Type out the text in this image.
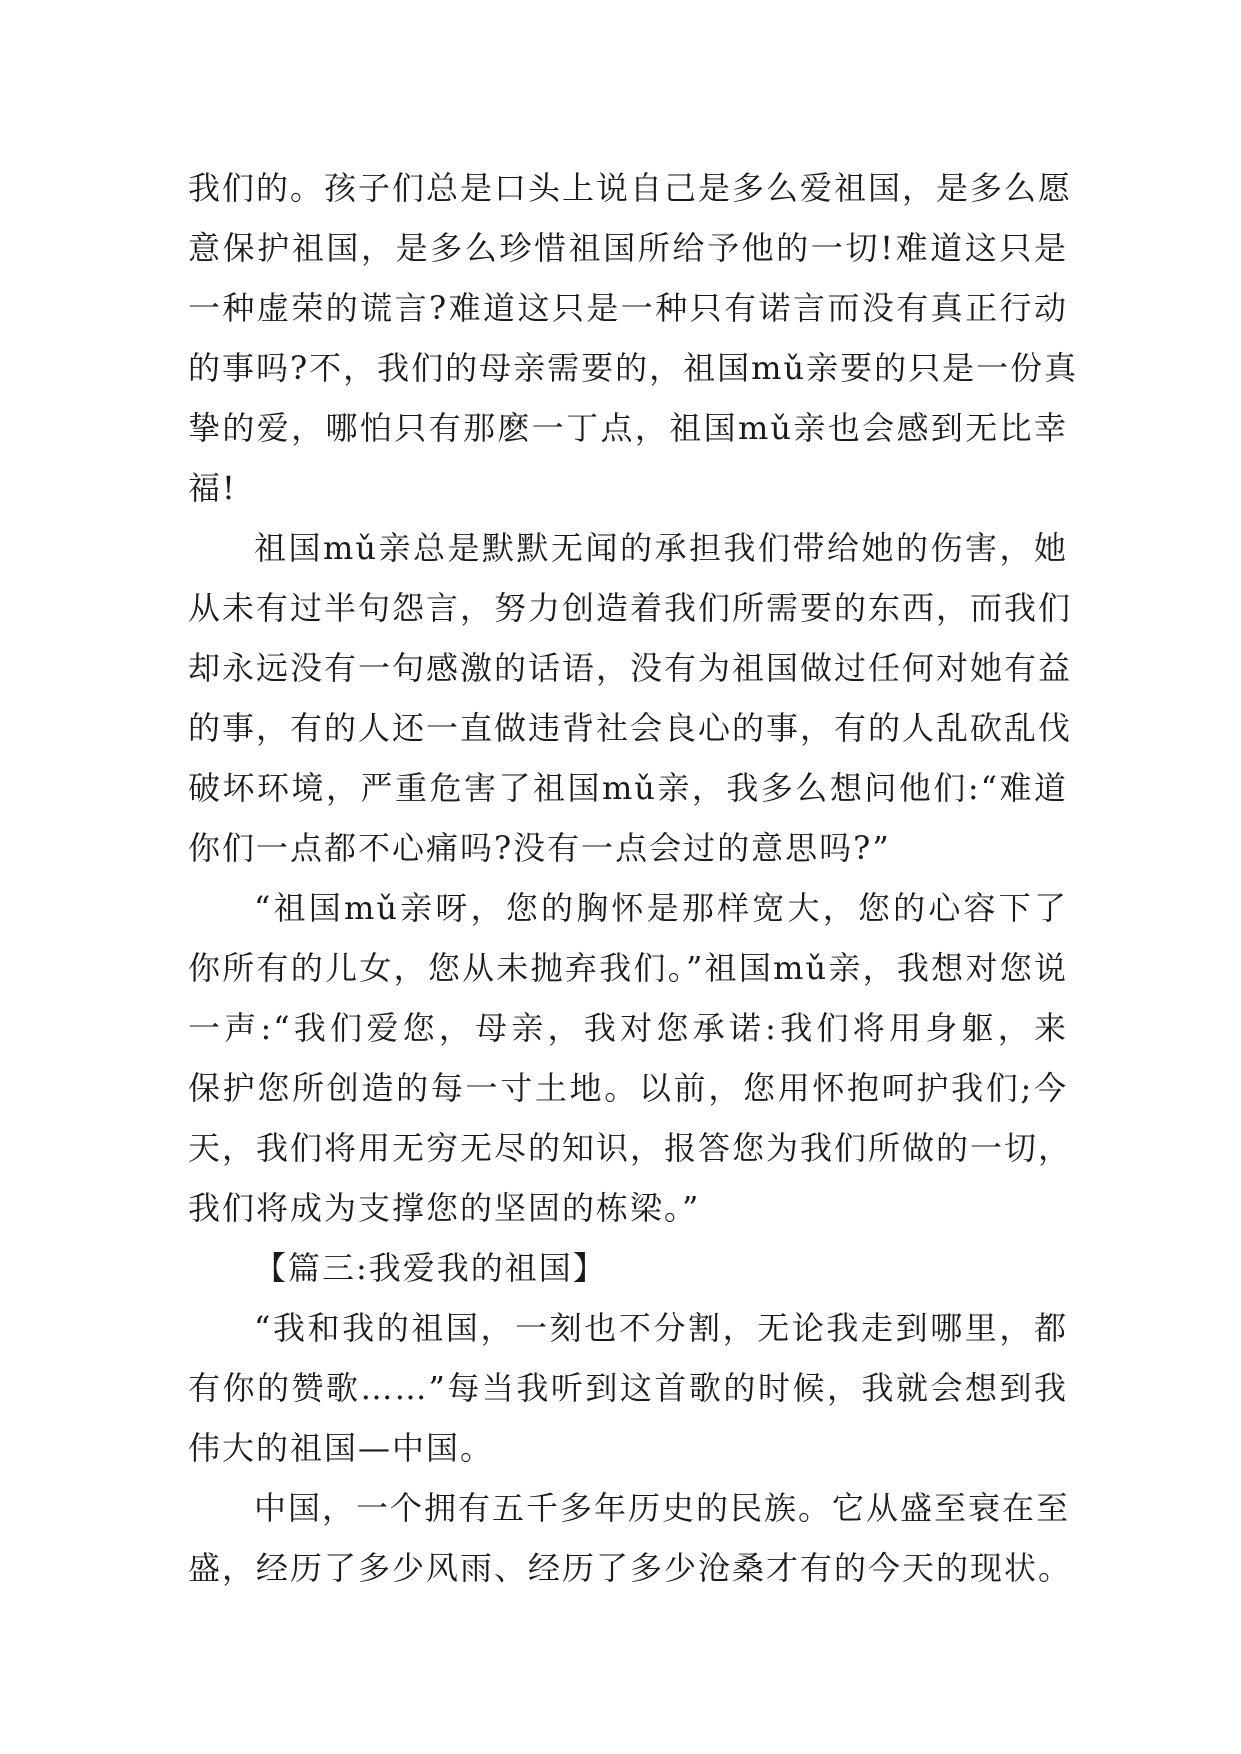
我们的。孩子们总是口头上说自己是多么爱祖国，是多么愿
意保护祖国，是多么珍惜祖国所给予他的一切!难道这只是
一种虚荣的谎言?难道这只是一种只有诺言而没有真正行动
的事吗?不，我们的母亲需要的，祖国mǔ亲要的只是一份真
挚的爱，哪怕只有那麽一丁点，祖国mǔ亲也会感到无比幸
福!
祖国mǔ亲总是默默无闻的承担我们带给她的伤害，她
从未有过半句怨言，努力创造着我们所需要的东西，而我们
却永远没有一句感激的话语，没有为祖国做过任何对她有益
的事，有的人还一直做违背社会良心的事，有的人乱砍乱伐
破坏环境，严重危害了祖国mǔ亲，我多么想问他们:“难道
你们一点都不心痛吗?没有一点会过的意思吗?”
“祖国mǔ亲呀，您的胸怀是那样宽大，您的心容下了
你所有的儿女，您从未抛弃我们。”祖国mǔ亲，我想对您说
一声:“我们爱您，母亲，我对您承诺:我们将用身躯，来
保护您所创造的每一寸土地。以前，您用怀抱呵护我们;今
天，我们将用无穷无尽的知识，报答您为我们所做的一切，
我们将成为支撑您的坚固的栋梁。”
【篇三:我爱我的祖国】
“我和我的祖国，一刻也不分割，无论我走到哪里，都
有你的赞歌……”每当我听到这首歌的时候，我就会想到我
伟大的祖国—中国。
中国，一个拥有五千多年历史的民族。它从盛至衰在至
盛，经历了多少风雨、经历了多少沧桑才有的今天的现状。
